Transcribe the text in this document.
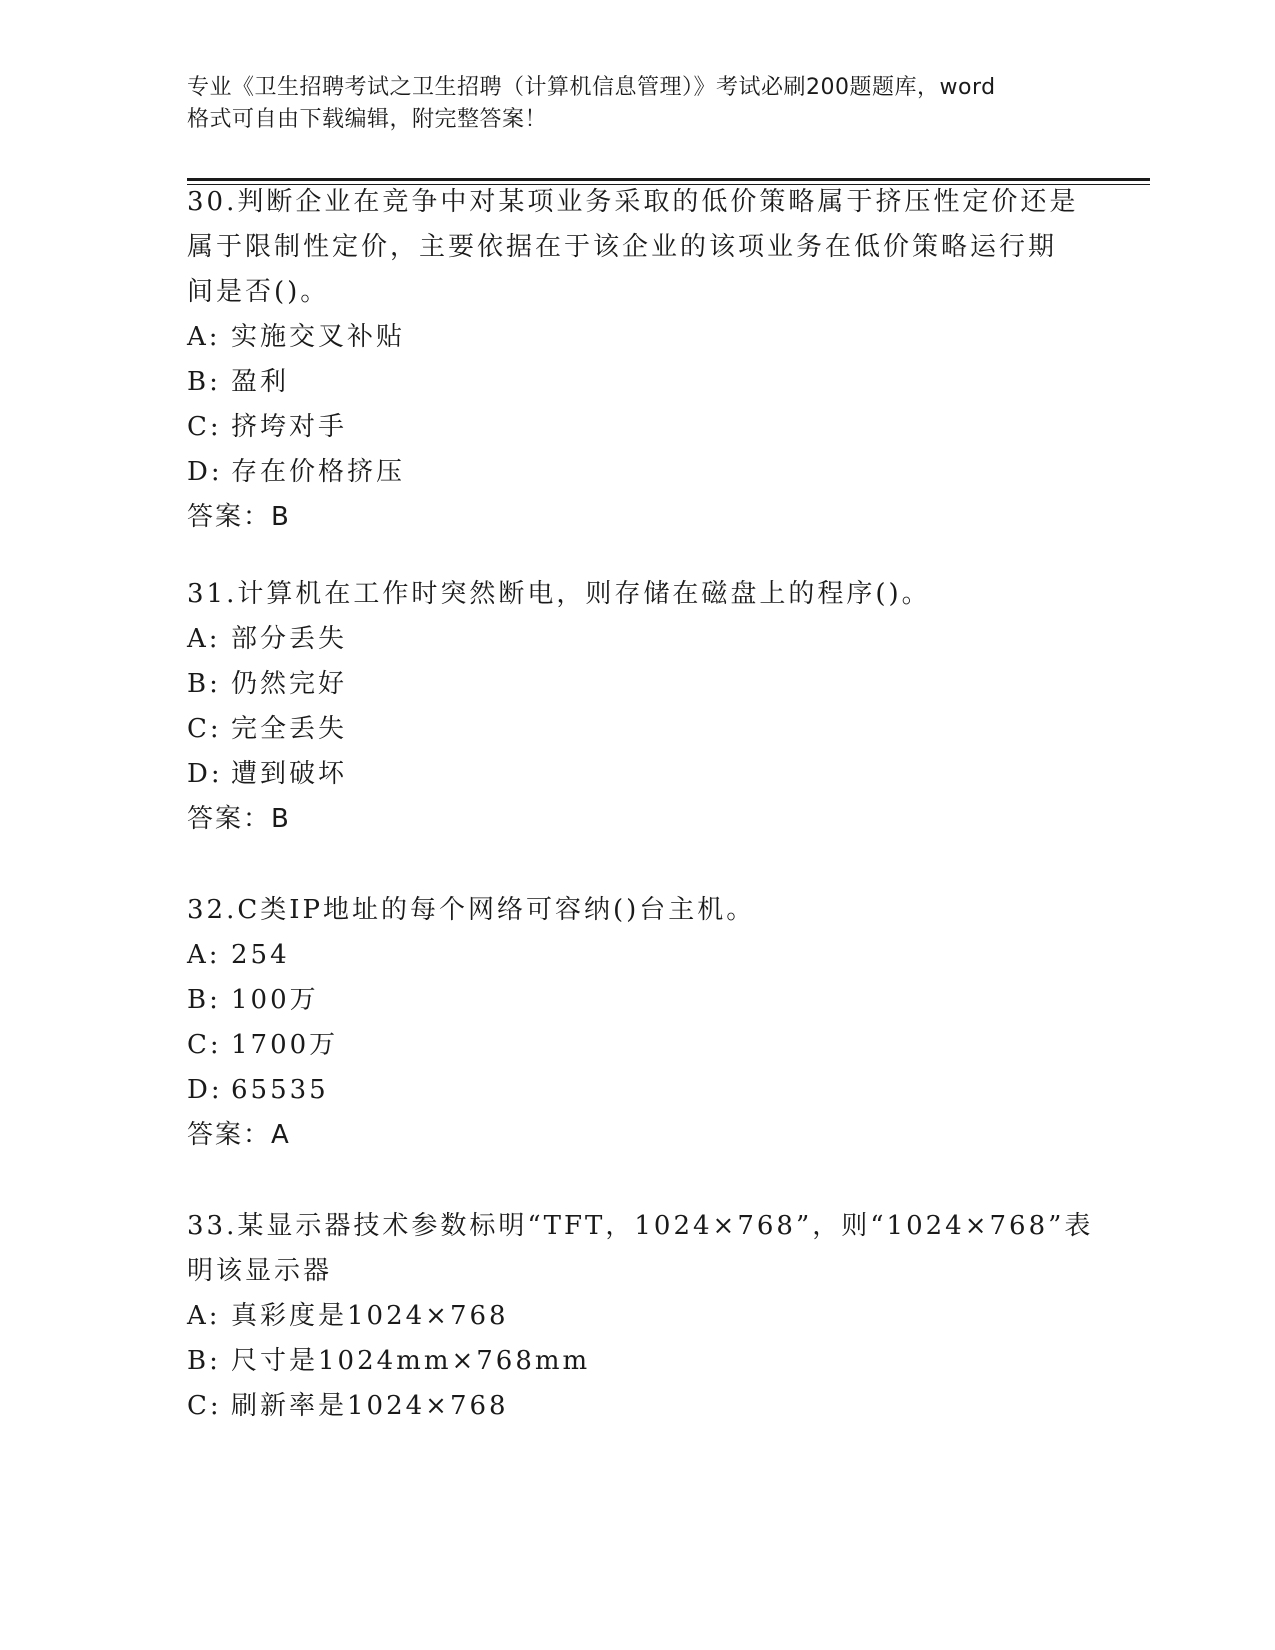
专业《卫生招聘考试之卫生招聘（计算机信息管理）》考试必刷200题题库，word
格式可自由下载编辑，附完整答案！
30.判断企业在竞争中对某项业务采取的低价策略属于挤压性定价还是
属于限制性定价，主要依据在于该企业的该项业务在低价策略运行期
间是否()。
A: 实施交叉补贴
B: 盈利
C: 挤垮对手
D: 存在价格挤压
答案：B
31.计算机在工作时突然断电，则存储在磁盘上的程序()。
A: 部分丢失
B: 仍然完好
C: 完全丢失
D: 遭到破坏
答案：B
32.C类IP地址的每个网络可容纳()台主机。
A: 254
B: 100万
C: 1700万
D: 65535
答案：A
33.某显示器技术参数标明“TFT，1024×768”，则“1024×768”表
明该显示器
A: 真彩度是1024×768
B: 尺寸是1024mm×768mm
C: 刷新率是1024×768
